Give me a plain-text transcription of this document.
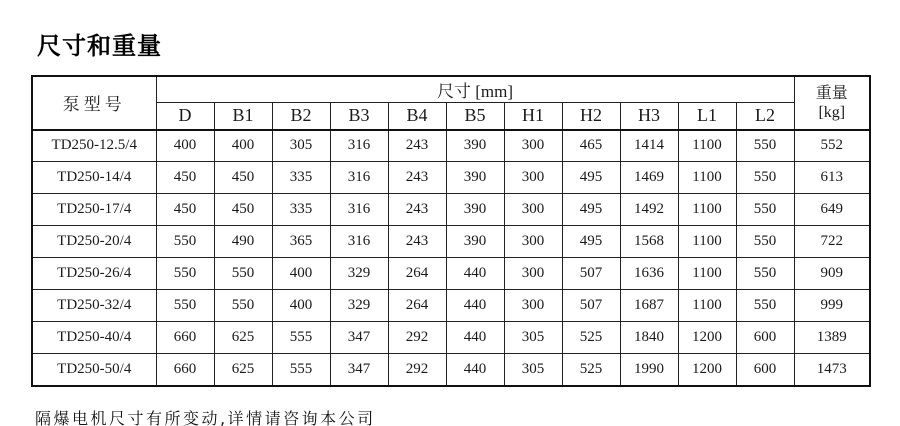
尺寸和重量
泵型号	尺寸 [mm]											重量
[kg]
	D	B1	B2	B3	B4	B5	H1	H2	H3	L1	L2	
TD250-12.5/4	400	400	305	316	243	390	300	465	1414	1100	550	552
TD250-14/4	450	450	335	316	243	390	300	495	1469	1100	550	613
TD250-17/4	450	450	335	316	243	390	300	495	1492	1100	550	649
TD250-20/4	550	490	365	316	243	390	300	495	1568	1100	550	722
TD250-26/4	550	550	400	329	264	440	300	507	1636	1100	550	909
TD250-32/4	550	550	400	329	264	440	300	507	1687	1100	550	999
TD250-40/4	660	625	555	347	292	440	305	525	1840	1200	600	1389
TD250-50/4	660	625	555	347	292	440	305	525	1990	1200	600	1473

隔爆电机尺寸有所变动,详情请咨询本公司
